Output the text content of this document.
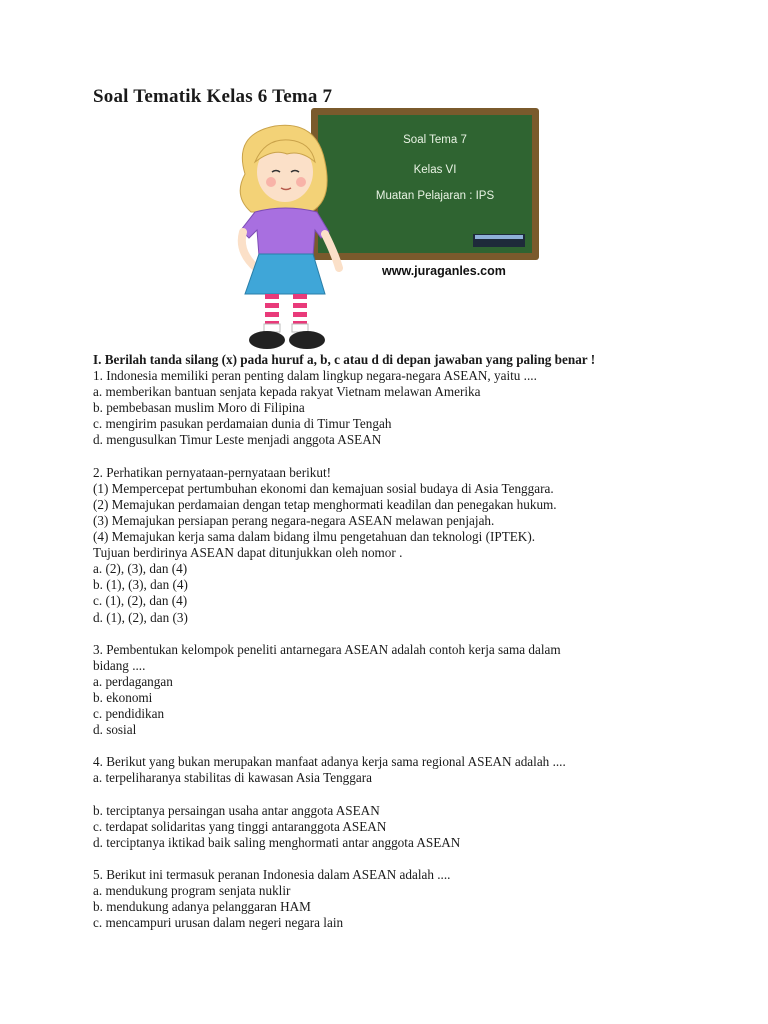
Soal Tematik Kelas 6 Tema 7
Soal Tema 7
Kelas VI
Muatan Pelajaran : IPS
www.juraganles.com
I. Berilah tanda silang (x) pada huruf a, b, c atau d di depan jawaban yang paling benar !
1. Indonesia memiliki peran penting dalam lingkup negara-negara ASEAN, yaitu ....
a. memberikan bantuan senjata kepada rakyat Vietnam melawan Amerika
b. pembebasan muslim Moro di Filipina
c. mengirim pasukan perdamaian dunia di Timur Tengah
d. mengusulkan Timur Leste menjadi anggota ASEAN
2. Perhatikan pernyataan-pernyataan berikut!
(1) Mempercepat pertumbuhan ekonomi dan kemajuan sosial budaya di Asia Tenggara.
(2) Memajukan perdamaian dengan tetap menghormati keadilan dan penegakan hukum.
(3) Memajukan persiapan perang negara-negara ASEAN melawan penjajah.
(4) Memajukan kerja sama dalam bidang ilmu pengetahuan dan teknologi (IPTEK).
Tujuan berdirinya ASEAN dapat ditunjukkan oleh nomor .
a. (2), (3), dan (4)
b. (1), (3), dan (4)
c. (1), (2), dan (4)
d. (1), (2), dan (3)
3. Pembentukan kelompok peneliti antarnegara ASEAN adalah contoh kerja sama dalam
bidang ....
a. perdagangan
b. ekonomi
c. pendidikan
d. sosial
4. Berikut yang bukan merupakan manfaat adanya kerja sama regional ASEAN adalah ....
a. terpeliharanya stabilitas di kawasan Asia Tenggara
b. terciptanya persaingan usaha antar anggota ASEAN
c. terdapat solidaritas yang tinggi antaranggota ASEAN
d. terciptanya iktikad baik saling menghormati antar anggota ASEAN
5. Berikut ini termasuk peranan Indonesia dalam ASEAN adalah ....
a. mendukung program senjata nuklir
b. mendukung adanya pelanggaran HAM
c. mencampuri urusan dalam negeri negara lain
